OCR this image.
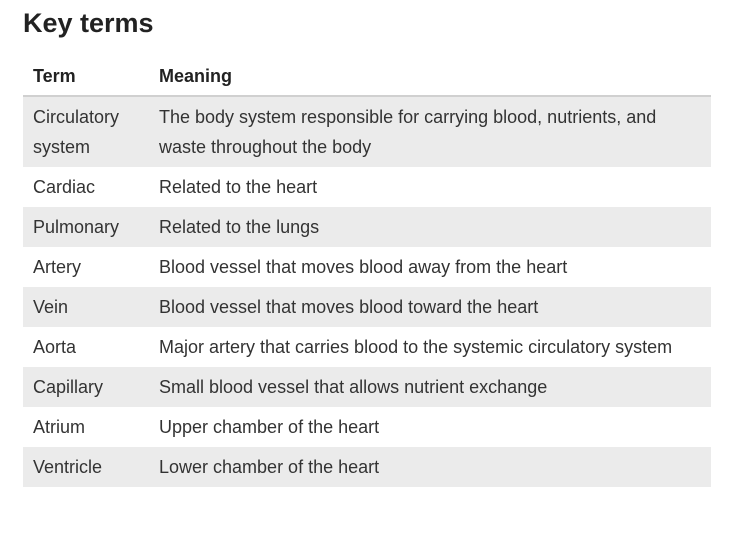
Key terms
Term	Meaning
Circulatory system	The body system responsible for carrying blood, nutrients, and waste throughout the body
Cardiac	Related to the heart
Pulmonary	Related to the lungs
Artery	Blood vessel that moves blood away from the heart
Vein	Blood vessel that moves blood toward the heart
Aorta	Major artery that carries blood to the systemic circulatory system
Capillary	Small blood vessel that allows nutrient exchange
Atrium	Upper chamber of the heart
Ventricle	Lower chamber of the heart
